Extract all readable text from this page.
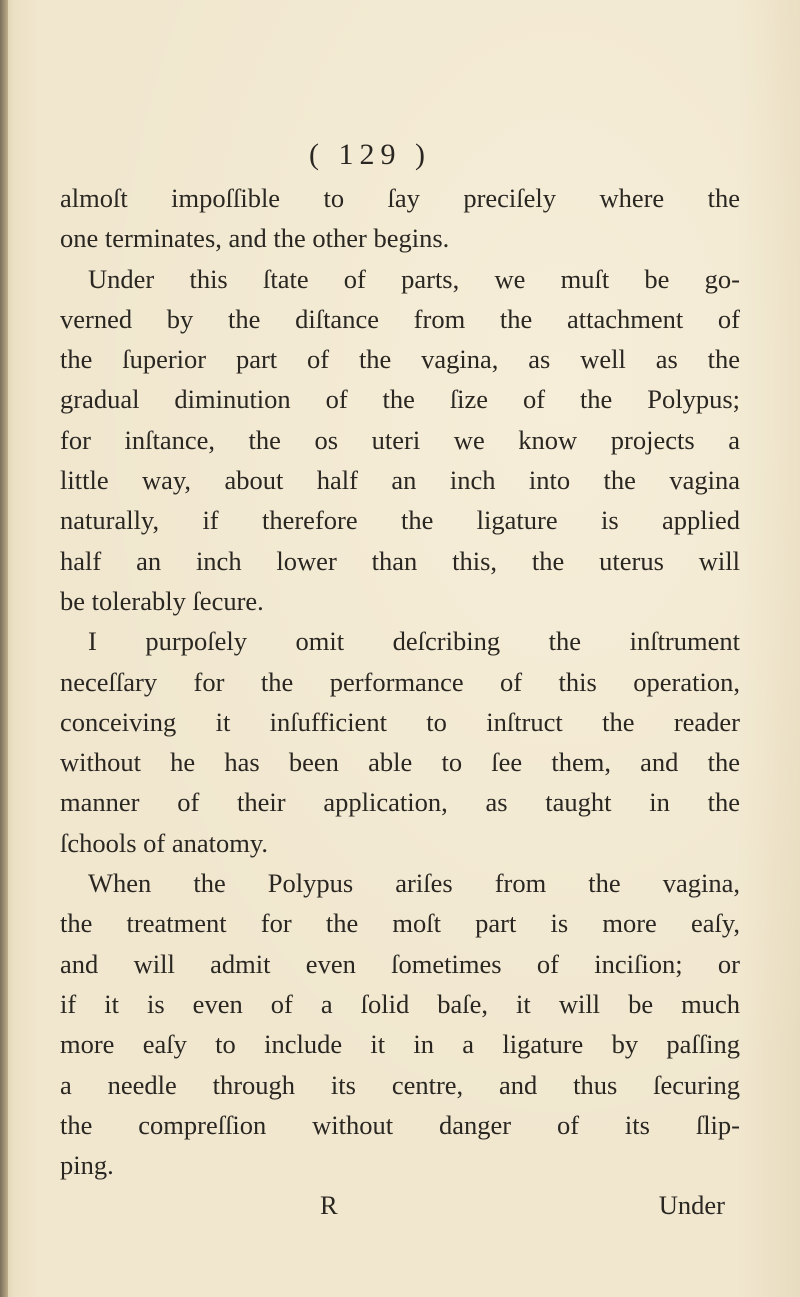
( 129 )
almoſt impoſſible to ſay preciſely where the
one terminates, and the other begins.
Under this ſtate of parts, we muſt be go-
verned by the diſtance from the attachment of
the ſuperior part of the vagina, as well as the
gradual diminution of the ſize of the Polypus;
for inſtance, the os uteri we know projects a
little way, about half an inch into the vagina
naturally, if therefore the ligature is applied
half an inch lower than this, the uterus will
be tolerably ſecure.
I purpoſely omit deſcribing the inſtrument
neceſſary for the performance of this operation,
conceiving it inſufficient to inſtruct the reader
without he has been able to ſee them, and the
manner of their application, as taught in the
ſchools of anatomy.
When the Polypus ariſes from the vagina,
the treatment for the moſt part is more eaſy,
and will admit even ſometimes of inciſion; or
if it is even of a ſolid baſe, it will be much
more eaſy to include it in a ligature by paſſing
a needle through its centre, and thus ſecuring
the compreſſion without danger of its ſlip-
ping.
R	Under
